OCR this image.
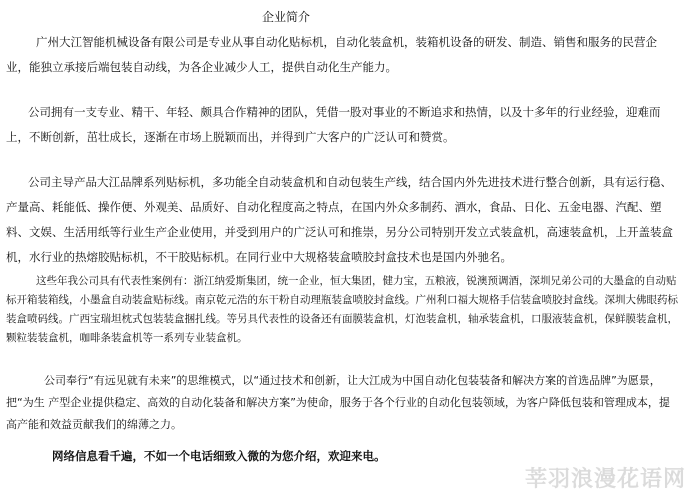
企业简介
广州大江智能机械设备有限公司是专业从事自动化贴标机，自动化装盒机，装箱机设备的研发、制造、销售和服务的民营企业，能独立承接后端包装自动线，为各企业减少人工，提供自动化生产能力。
公司拥有一支专业、精干、年轻、颇具合作精神的团队，凭借一股对事业的不断追求和热情，以及十多年的行业经验，迎难而上，不断创新，茁壮成长，逐渐在市场上脱颖而出，并得到广大客户的广泛认可和赞赏。
公司主导产品大江品牌系列贴标机，多功能全自动装盒机和自动包装生产线，结合国内外先进技术进行整合创新，具有运行稳、产量高、耗能低、操作便、外观美、品质好、自动化程度高之特点，在国内外众多制药、酒水，食品、日化、五金电器、汽配、塑料、文娱、生活用纸等行业生产企业使用，并受到用户的广泛认可和推崇，另分公司特别开发立式装盒机，高速装盒机，上开盖装盒机，水行业的热熔胶贴标机，不干胶贴标机。在同行业中大规格装盒喷胶封盒技术也是国内外驰名。
这些年我公司具有代表性案例有：浙江纳爱斯集团，统一企业，恒大集团，健力宝，五粮液，锐澳预调酒，深圳兄弟公司的大墨盒的自动贴标开箱装箱线，小墨盒自动装盒贴标线。南京乾元浩的东干粉自动理瓶装盒喷胶封盒线。广州利口福大规格手信装盒喷胶封盒线。深圳大佛眼药标装盒喷码线。广西宝瑞坦枕式包装装盒捆扎线。等另具代表性的设备还有面膜装盒机，灯泡装盒机，轴承装盒机，口服液装盒机，保鲜膜装盒机，颗粒装装盒机，咖啡条装盒机等一系列专业装盒机。
公司奉行“有远见就有未来”的思维模式，以“通过技术和创新，让大江成为中国自动化包装装备和解决方案的首选品牌”为愿景，把“为生 产型企业提供稳定、高效的自动化装备和解决方案”为使命，服务于各个行业的自动化包装领域，为客户降低包装和管理成本，提高产能和效益贡献我们的绵薄之力。
网络信息看千遍，不如一个电话细致入微的为您介绍，欢迎来电。
莘羽浪漫花语网
